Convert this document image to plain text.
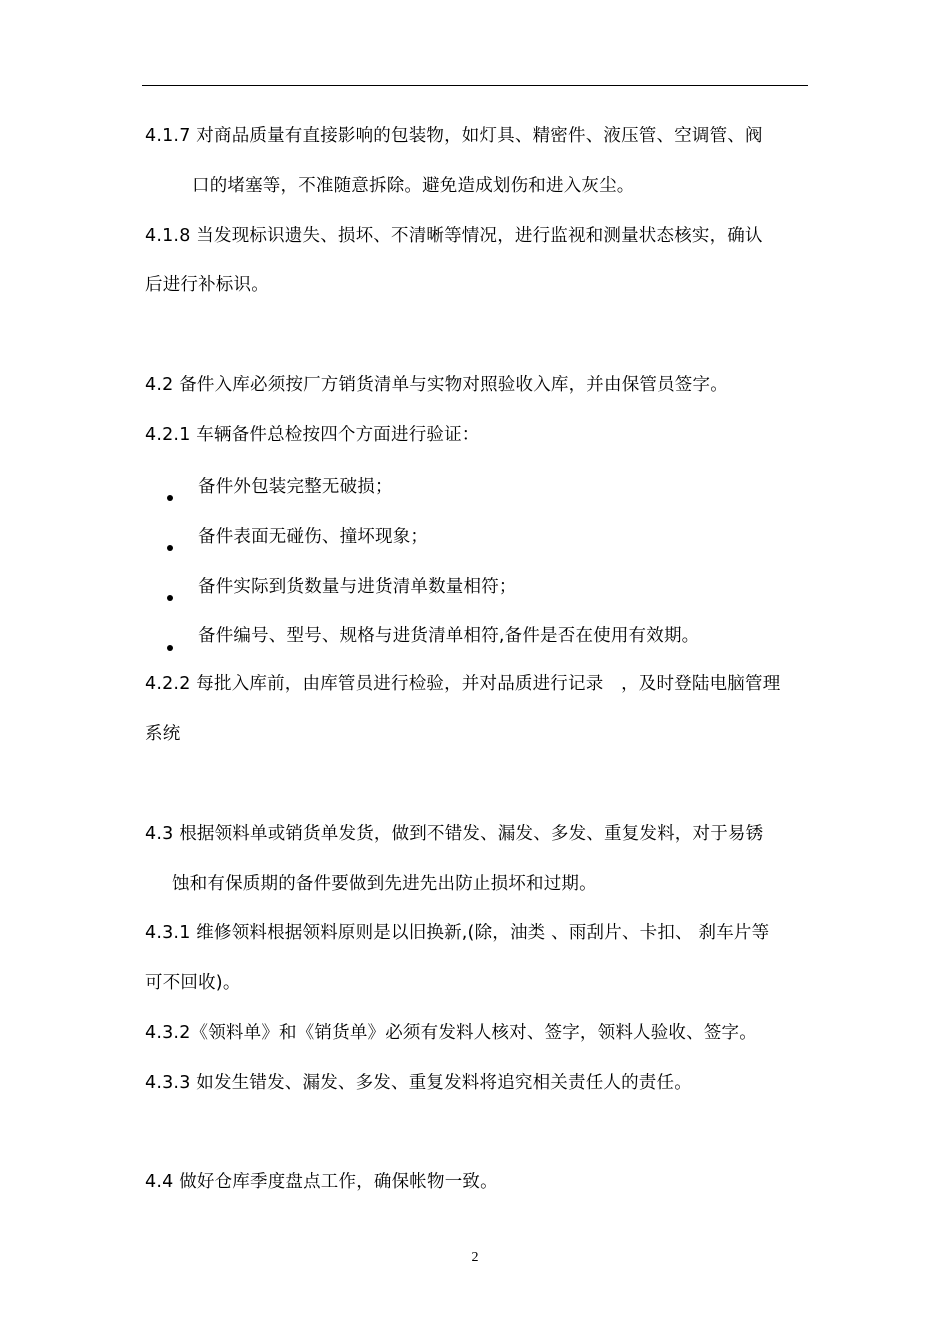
4.1.7 对商品质量有直接影响的包装物，如灯具、精密件、液压管、空调管、阀
口的堵塞等，不准随意拆除。避免造成划伤和进入灰尘。
4.1.8 当发现标识遗失、损坏、不清晰等情况，进行监视和测量状态核实，确认
后进行补标识。
4.2 备件入库必须按厂方销货清单与实物对照验收入库，并由保管员签字。
4.2.1 车辆备件总检按四个方面进行验证：
备件外包装完整无破损；
备件表面无碰伤、撞坏现象；
备件实际到货数量与进货清单数量相符；
备件编号、型号、规格与进货清单相符,备件是否在使用有效期。
4.2.2 每批入库前，由库管员进行检验，并对品质进行记录　，及时登陆电脑管理
系统
4.3 根据领料单或销货单发货，做到不错发、漏发、多发、重复发料，对于易锈
蚀和有保质期的备件要做到先进先出防止损坏和过期。
4.3.1 维修领料根据领料原则是以旧换新,(除，油类 、雨刮片、卡扣、 刹车片等
可不回收)。
4.3.2《领料单》和《销货单》必须有发料人核对、签字，领料人验收、签字。
4.3.3 如发生错发、漏发、多发、重复发料将追究相关责任人的责任。
4.4 做好仓库季度盘点工作，确保帐物一致。
2
